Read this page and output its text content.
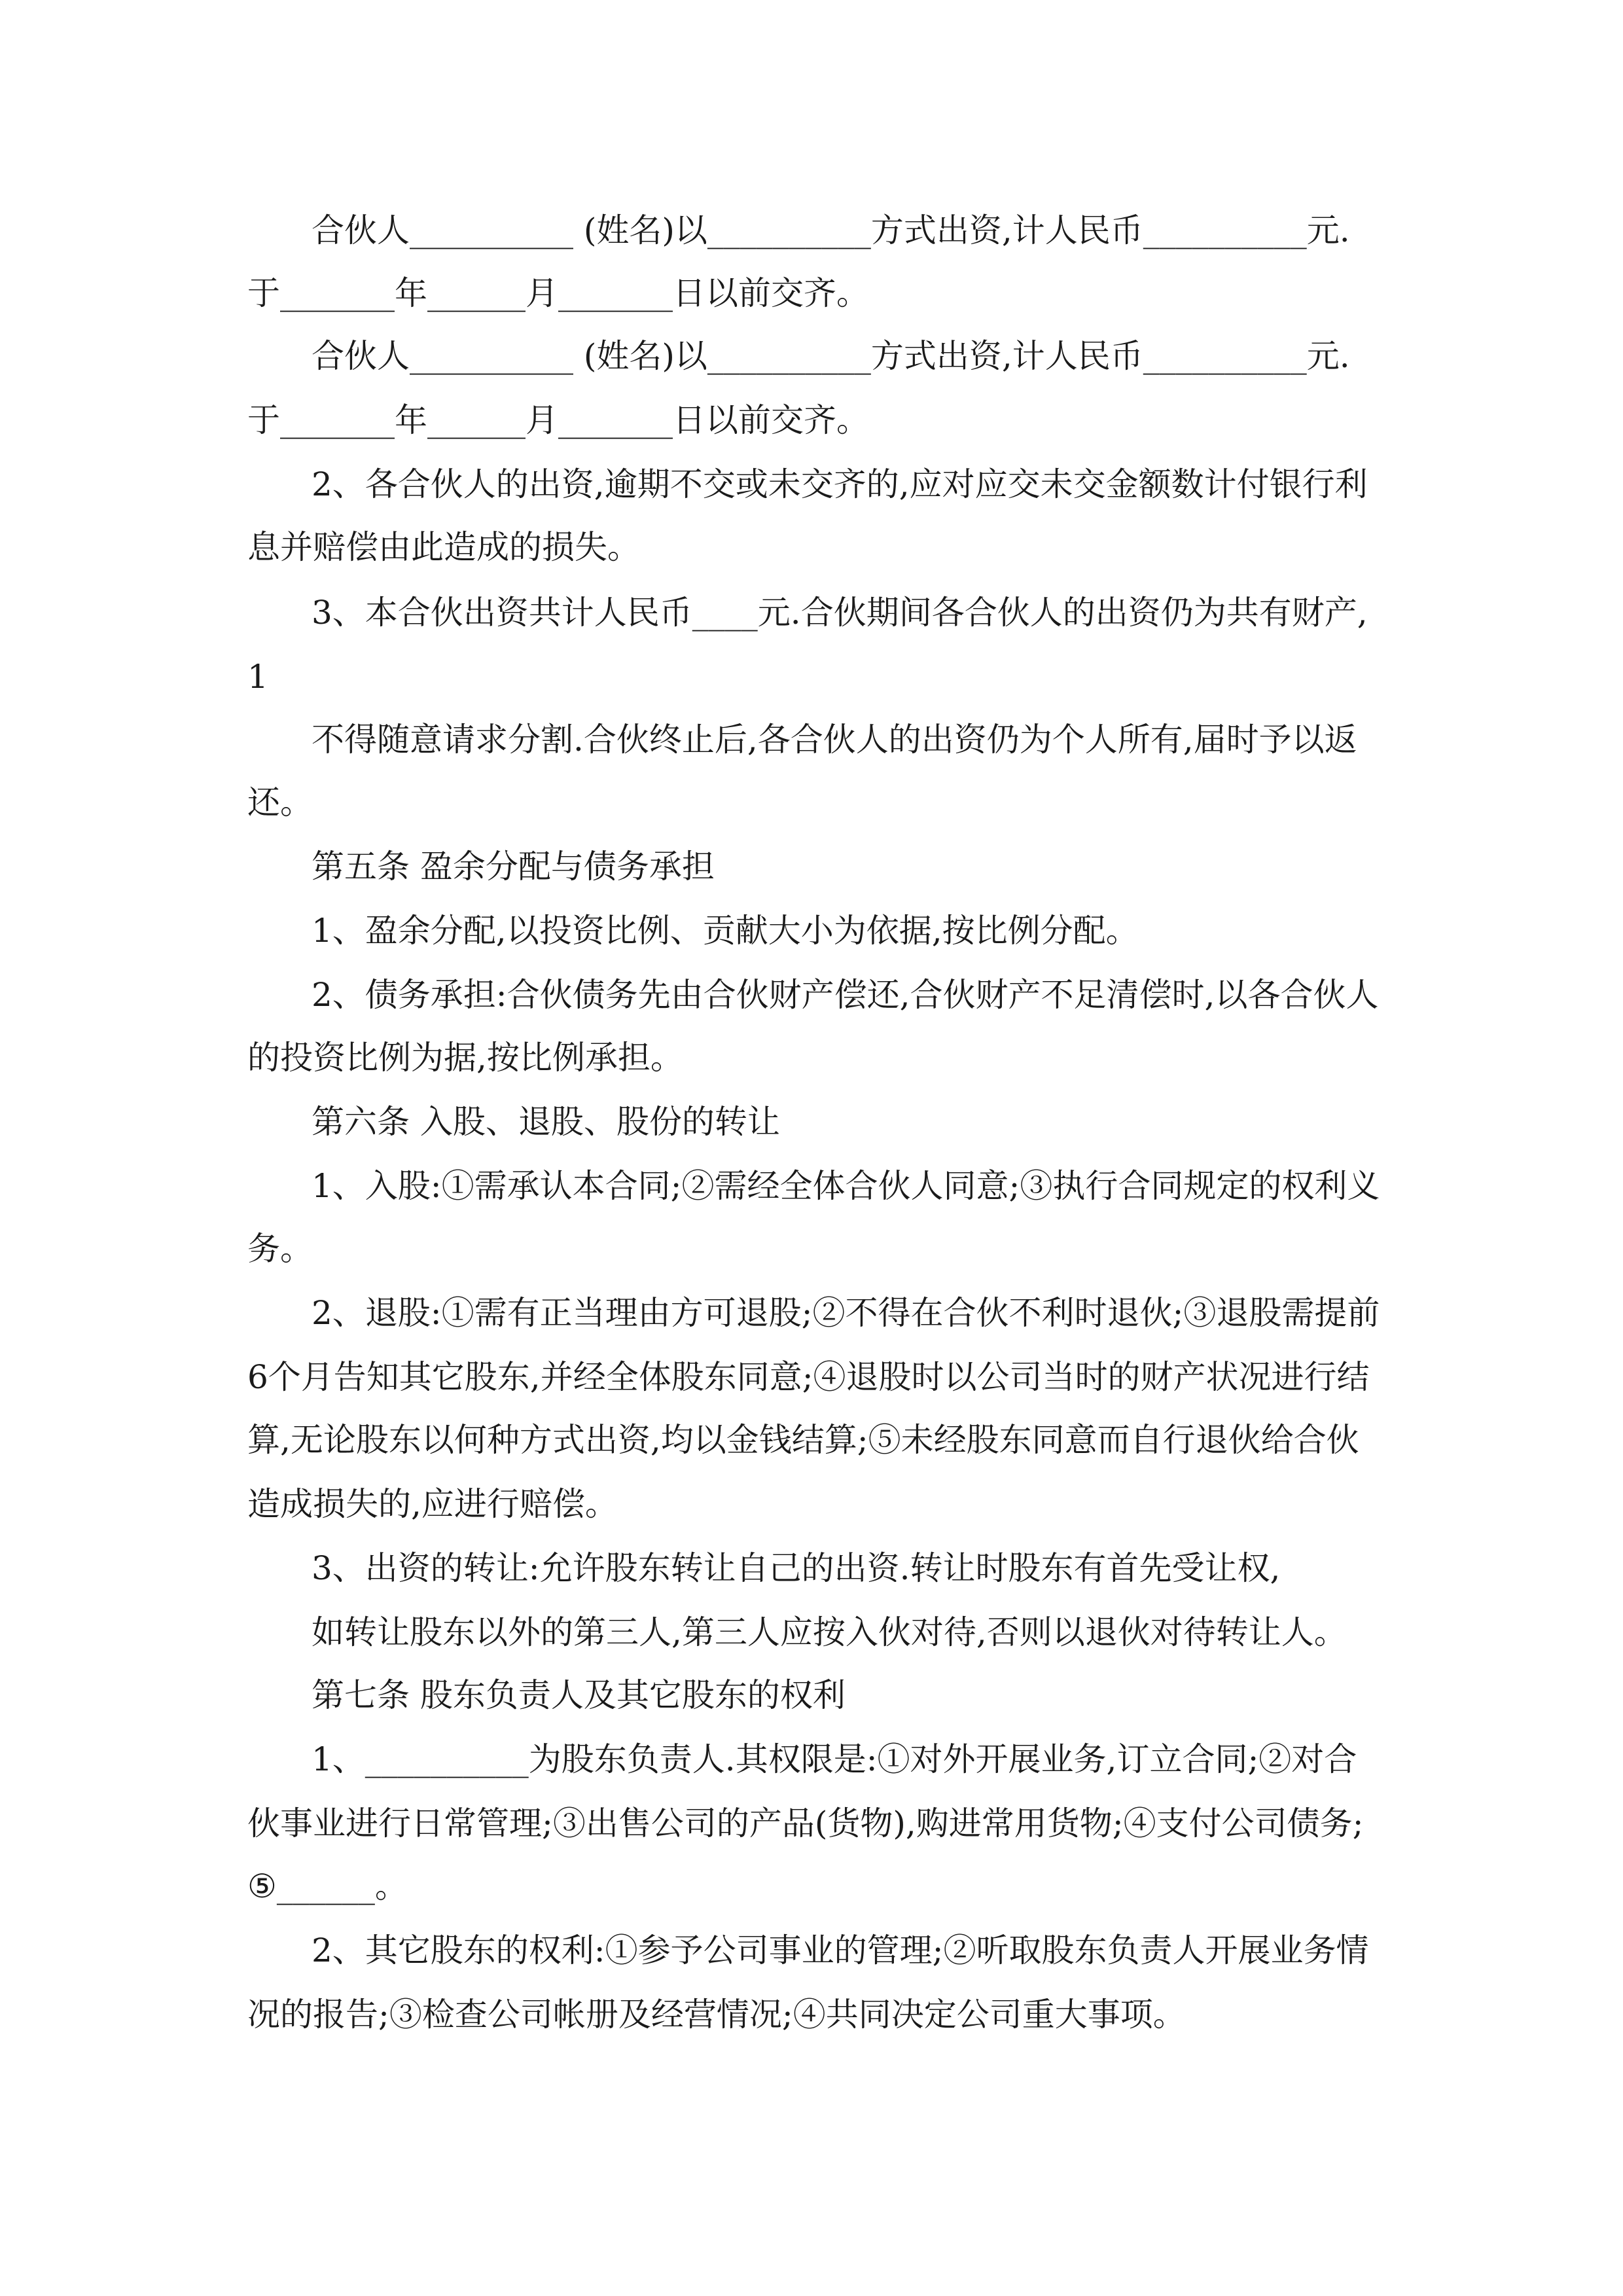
合伙人__________ (姓名)以__________方式出资,计人民币__________元.
于_______年______月_______日以前交齐。
合伙人__________ (姓名)以__________方式出资,计人民币__________元.
于_______年______月_______日以前交齐。
2、各合伙人的出资,逾期不交或未交齐的,应对应交未交金额数计付银行利
息并赔偿由此造成的损失。
3、本合伙出资共计人民币____元.合伙期间各合伙人的出资仍为共有财产,
1
不得随意请求分割.合伙终止后,各合伙人的出资仍为个人所有,届时予以返
还。
第五条 盈余分配与债务承担
1、盈余分配,以投资比例、贡献大小为依据,按比例分配。
2、债务承担:合伙债务先由合伙财产偿还,合伙财产不足清偿时,以各合伙人
的投资比例为据,按比例承担。
第六条 入股、退股、股份的转让
1、入股:①需承认本合同;②需经全体合伙人同意;③执行合同规定的权利义
务。
2、退股:①需有正当理由方可退股;②不得在合伙不利时退伙;③退股需提前
6个月告知其它股东,并经全体股东同意;④退股时以公司当时的财产状况进行结
算,无论股东以何种方式出资,均以金钱结算;⑤未经股东同意而自行退伙给合伙
造成损失的,应进行赔偿。
3、出资的转让:允许股东转让自己的出资.转让时股东有首先受让权,
如转让股东以外的第三人,第三人应按入伙对待,否则以退伙对待转让人。
第七条 股东负责人及其它股东的权利
1、__________为股东负责人.其权限是:①对外开展业务,订立合同;②对合
伙事业进行日常管理;③出售公司的产品(货物),购进常用货物;④支付公司债务;
⑤______。
2、其它股东的权利:①参予公司事业的管理;②听取股东负责人开展业务情
况的报告;③检查公司帐册及经营情况;④共同决定公司重大事项。
